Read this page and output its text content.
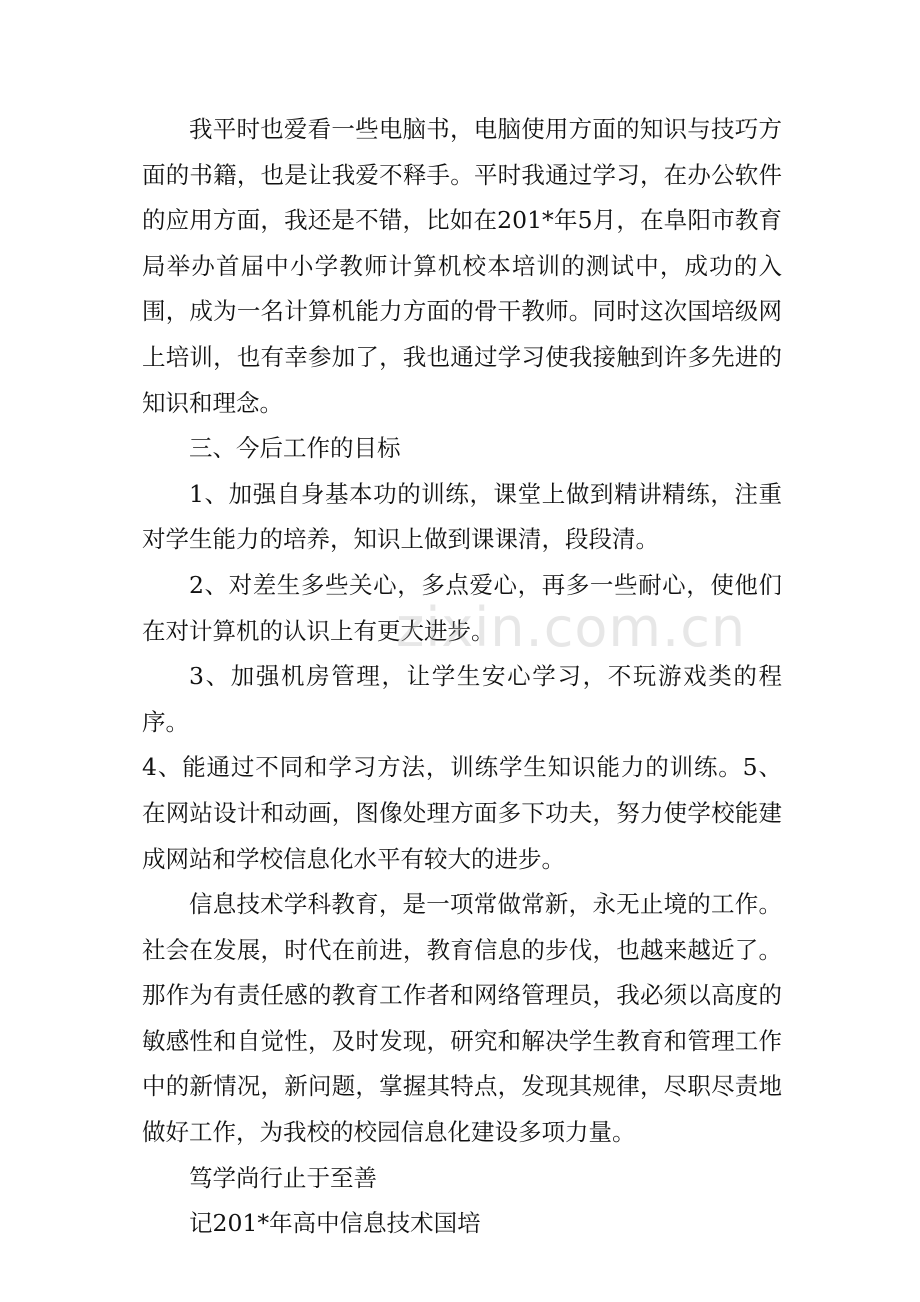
我平时也爱看一些电脑书，电脑使用方面的知识与技巧方面的书籍，也是让我爱不释手。平时我通过学习，在办公软件的应用方面，我还是不错，比如在201*年5月，在阜阳市教育局举办首届中小学教师计算机校本培训的测试中，成功的入围，成为一名计算机能力方面的骨干教师。同时这次国培级网上培训，也有幸参加了，我也通过学习使我接触到许多先进的知识和理念。

三、今后工作的目标

1、加强自身基本功的训练，课堂上做到精讲精练，注重对学生能力的培养，知识上做到课课清，段段清。

2、对差生多些关心，多点爱心，再多一些耐心，使他们在对计算机的认识上有更大进步。

3、加强机房管理，让学生安心学习，不玩游戏类的程序。

4、能通过不同和学习方法，训练学生知识能力的训练。5、在网站设计和动画，图像处理方面多下功夫，努力使学校能建成网站和学校信息化水平有较大的进步。

信息技术学科教育，是一项常做常新，永无止境的工作。社会在发展，时代在前进，教育信息的步伐，也越来越近了。那作为有责任感的教育工作者和网络管理员，我必须以高度的敏感性和自觉性，及时发现，研究和解决学生教育和管理工作中的新情况，新问题，掌握其特点，发现其规律，尽职尽责地做好工作，为我校的校园信息化建设多项力量。

笃学尚行止于至善

记201*年高中信息技术国培

zixin.com.cn
